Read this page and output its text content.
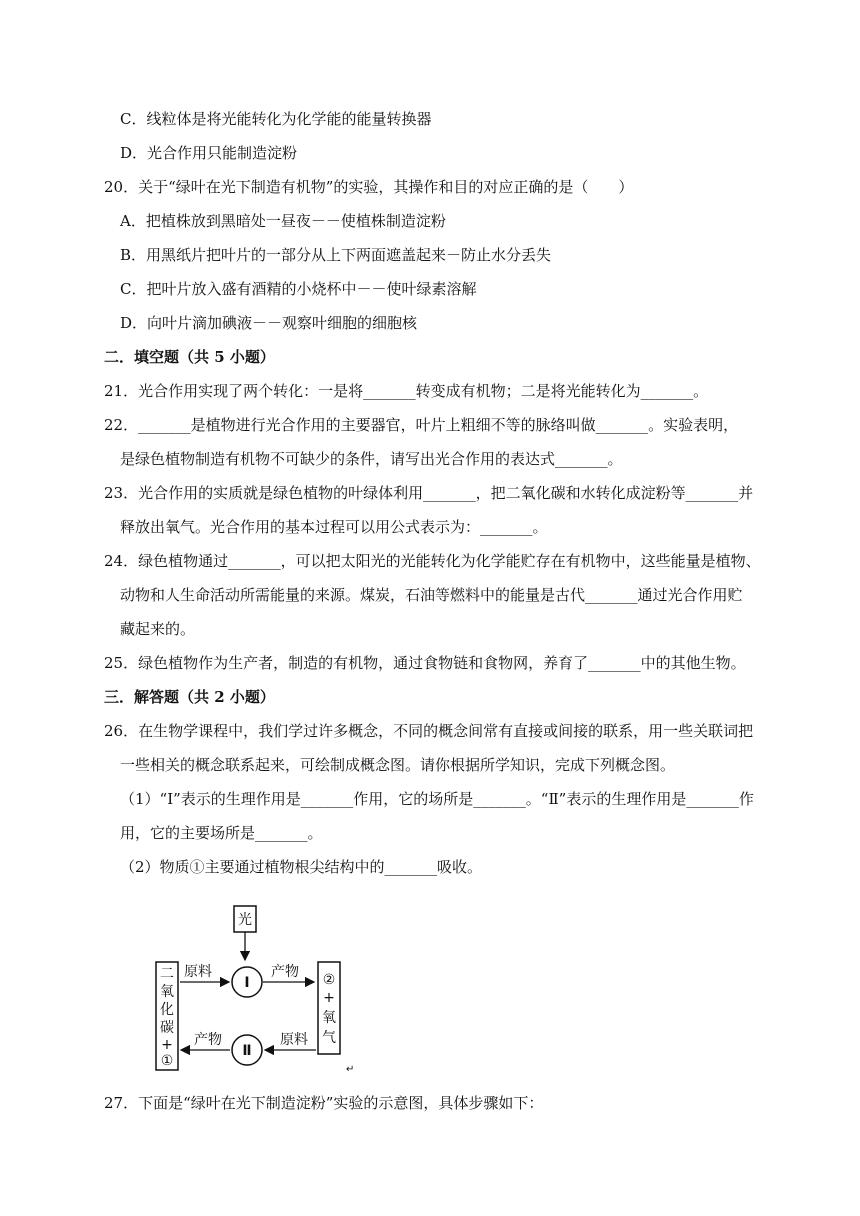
C．线粒体是将光能转化为化学能的能量转换器
D．光合作用只能制造淀粉
20．关于“绿叶在光下制造有机物”的实验，其操作和目的对应正确的是（　　）
A．把植株放到黑暗处一昼夜－－使植株制造淀粉
B．用黑纸片把叶片的一部分从上下两面遮盖起来－防止水分丢失
C．把叶片放入盛有酒精的小烧杯中－－使叶绿素溶解
D．向叶片滴加碘液－－观察叶细胞的细胞核
二．填空题（共 5 小题）
21．光合作用实现了两个转化：一是将_______转变成有机物；二是将光能转化为_______。
22．_______是植物进行光合作用的主要器官，叶片上粗细不等的脉络叫做_______。实验表明，
是绿色植物制造有机物不可缺少的条件，请写出光合作用的表达式_______。
23．光合作用的实质就是绿色植物的叶绿体利用_______，把二氧化碳和水转化成淀粉等_______并
释放出氧气。光合作用的基本过程可以用公式表示为：_______。
24．绿色植物通过_______，可以把太阳光的光能转化为化学能贮存在有机物中，这些能量是植物、
动物和人生命活动所需能量的来源。煤炭，石油等燃料中的能量是古代_______通过光合作用贮
藏起来的。
25．绿色植物作为生产者，制造的有机物，通过食物链和食物网，养育了_______中的其他生物。
三．解答题（共 2 小题）
26．在生物学课程中，我们学过许多概念，不同的概念间常有直接或间接的联系，用一些关联词把
一些相关的概念联系起来，可绘制成概念图。请你根据所学知识，完成下列概念图。
（1）“Ⅰ”表示的生理作用是_______作用，它的场所是_______。“Ⅱ”表示的生理作用是_______作
用，它的主要场所是_______。
（2）物质①主要通过植物根尖结构中的_______吸收。
光
二
氧
化
碳
+
①
②
+
氧
气
Ⅰ
Ⅱ
原料	产物
原料
产物
↵
27．下面是“绿叶在光下制造淀粉”实验的示意图，具体步骤如下：
